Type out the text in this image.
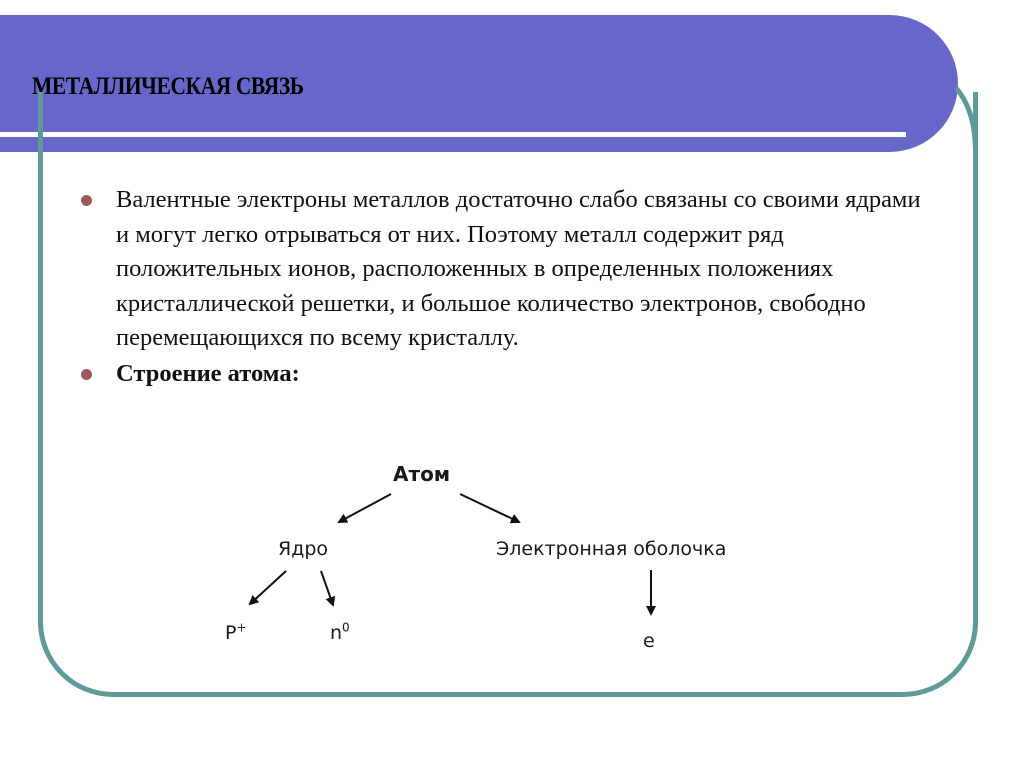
МЕТАЛЛИЧЕСКАЯ СВЯЗЬ
Валентные электроны металлов достаточно слабо связаны со своими ядрами и могут легко отрываться от них. Поэтому металл содержит ряд положительных ионов, расположенных в определенных положениях кристаллической решетки, и большое количество электронов, свободно перемещающихся по всему кристаллу.
Строение атома:
Атом
Ядро	Электронная оболочка
P+	$n^0$
e
